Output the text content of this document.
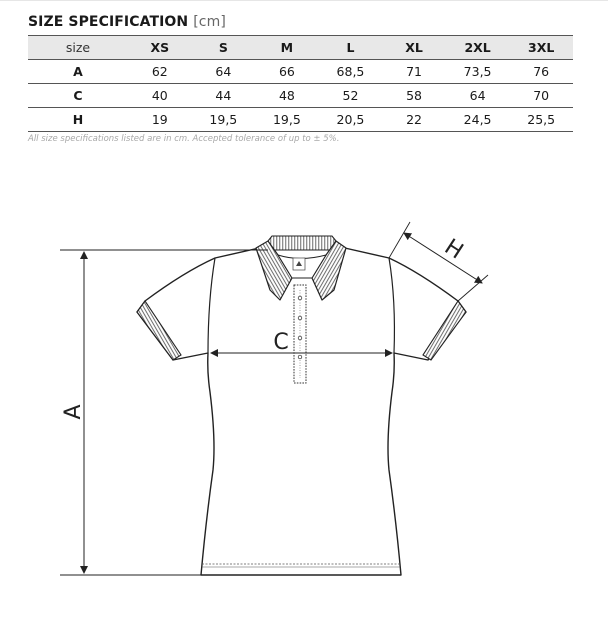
SIZE SPECIFICATION [cm]
size	XS	S	M	L	XL	2XL	3XL
A	62	64	66	68,5	71	73,5	76
C	40	44	48	52	58	64	70
H	19	19,5	19,5	20,5	22	24,5	25,5
All size specifications listed are in cm. Accepted tolerance of up to ± 5%.
A
C
H
